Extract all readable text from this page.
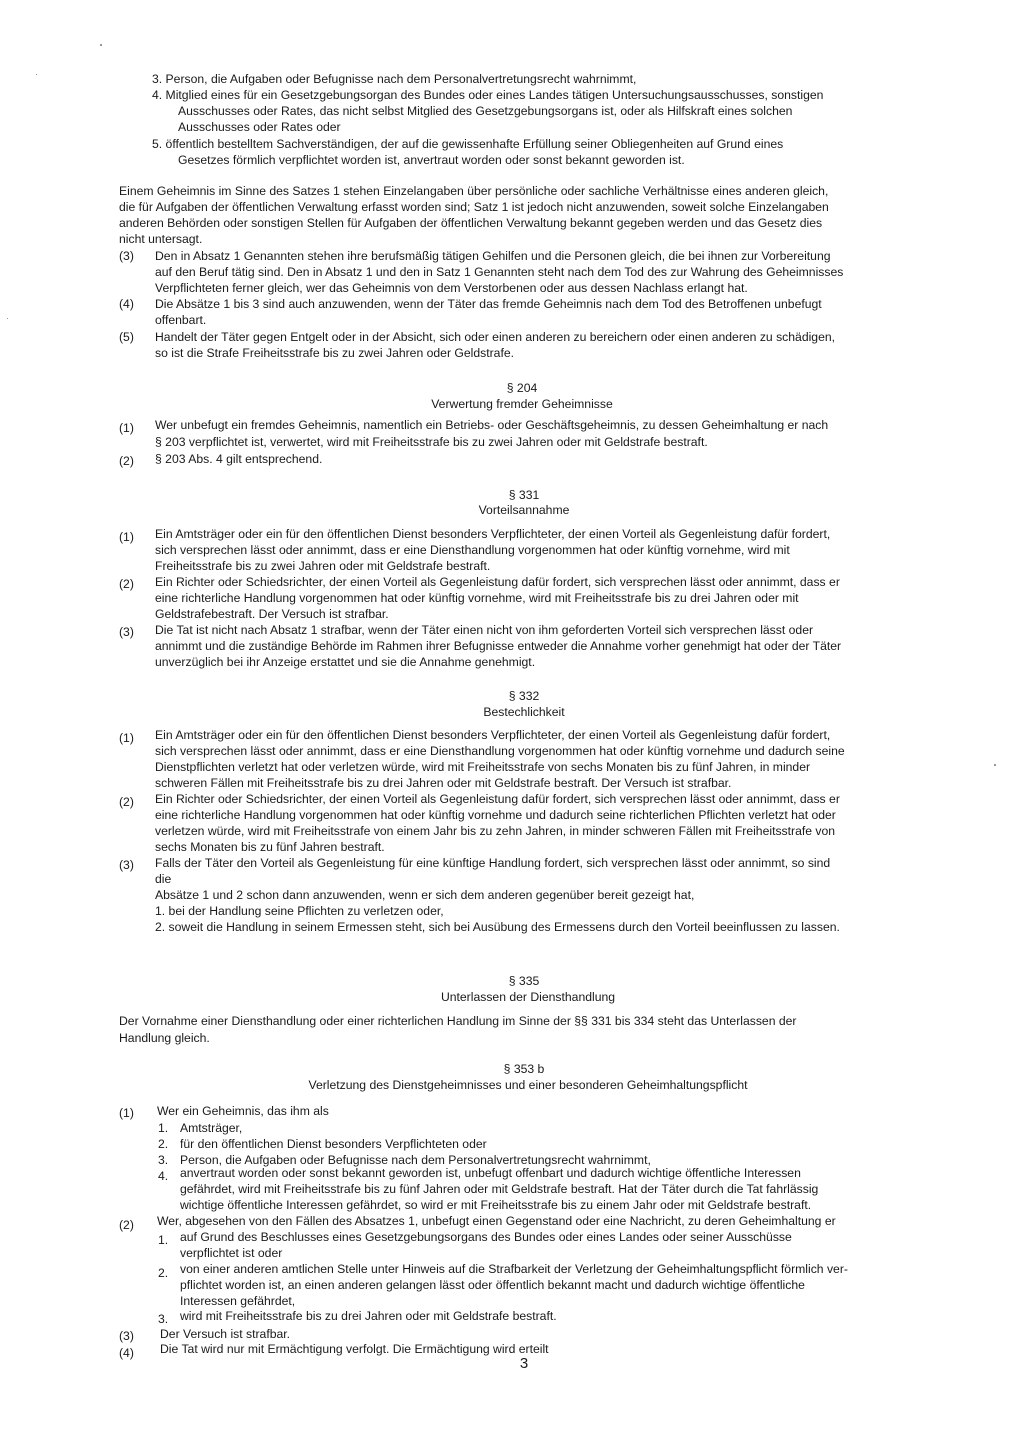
3. Person, die Aufgaben oder Befugnisse nach dem Personalvertretungsrecht wahrnimmt,
4. Mitglied eines für ein Gesetzgebungsorgan des Bundes oder eines Landes tätigen Untersuchungsausschusses, sonstigen
Ausschusses oder Rates, das nicht selbst Mitglied des Gesetzgebungsorgans ist, oder als Hilfskraft eines solchen
Ausschusses oder Rates oder
5. öffentlich bestelltem Sachverständigen, der auf die gewissenhafte Erfüllung seiner Obliegenheiten auf Grund eines
Gesetzes förmlich verpflichtet worden ist, anvertraut worden oder sonst bekannt geworden ist.
Einem Geheimnis im Sinne des Satzes 1 stehen Einzelangaben über persönliche oder sachliche Verhältnisse eines anderen gleich,
die für Aufgaben der öffentlichen Verwaltung erfasst worden sind; Satz 1 ist jedoch nicht anzuwenden, soweit solche Einzelangaben
anderen Behörden oder sonstigen Stellen für Aufgaben der öffentlichen Verwaltung bekannt gegeben werden und das Gesetz dies
nicht untersagt.
(3) Den in Absatz 1 Genannten stehen ihre berufsmäßig tätigen Gehilfen und die Personen gleich, die bei ihnen zur Vorbereitung
auf den Beruf tätig sind. Den in Absatz 1 und den in Satz 1 Genannten steht nach dem Tod des zur Wahrung des Geheimnisses
Verpflichteten ferner gleich, wer das Geheimnis von dem Verstorbenen oder aus dessen Nachlass erlangt hat.
(4) Die Absätze 1 bis 3 sind auch anzuwenden, wenn der Täter das fremde Geheimnis nach dem Tod des Betroffenen unbefugt
offenbart.
(5) Handelt der Täter gegen Entgelt oder in der Absicht, sich oder einen anderen zu bereichern oder einen anderen zu schädigen,
so ist die Strafe Freiheitsstrafe bis zu zwei Jahren oder Geldstrafe.
§ 204
Verwertung fremder Geheimnisse
(1) Wer unbefugt ein fremdes Geheimnis, namentlich ein Betriebs- oder Geschäftsgeheimnis, zu dessen Geheimhaltung er nach
§ 203 verpflichtet ist, verwertet, wird mit Freiheitsstrafe bis zu zwei Jahren oder mit Geldstrafe bestraft.
(2) § 203 Abs. 4 gilt entsprechend.
§ 331
Vorteilsannahme
(1) Ein Amtsträger oder ein für den öffentlichen Dienst besonders Verpflichteter, der einen Vorteil als Gegenleistung dafür fordert,
sich versprechen lässt oder annimmt, dass er eine Diensthandlung vorgenommen hat oder künftig vornehme, wird mit
Freiheitsstrafe bis zu zwei Jahren oder mit Geldstrafe bestraft.
(2) Ein Richter oder Schiedsrichter, der einen Vorteil als Gegenleistung dafür fordert, sich versprechen lässt oder annimmt, dass er
eine richterliche Handlung vorgenommen hat oder künftig vornehme, wird mit Freiheitsstrafe bis zu drei Jahren oder mit
Geldstrafebestraft. Der Versuch ist strafbar.
(3) Die Tat ist nicht nach Absatz 1 strafbar, wenn der Täter einen nicht von ihm geforderten Vorteil sich versprechen lässt oder
annimmt und die zuständige Behörde im Rahmen ihrer Befugnisse entweder die Annahme vorher genehmigt hat oder der Täter
unverzüglich bei ihr Anzeige erstattet und sie die Annahme genehmigt.
§ 332
Bestechlichkeit
(1) Ein Amtsträger oder ein für den öffentlichen Dienst besonders Verpflichteter, der einen Vorteil als Gegenleistung dafür fordert,
sich versprechen lässt oder annimmt, dass er eine Diensthandlung vorgenommen hat oder künftig vornehme und dadurch seine
Dienstpflichten verletzt hat oder verletzen würde, wird mit Freiheitsstrafe von sechs Monaten bis zu fünf Jahren, in minder
schweren Fällen mit Freiheitsstrafe bis zu drei Jahren oder mit Geldstrafe bestraft. Der Versuch ist strafbar.
(2) Ein Richter oder Schiedsrichter, der einen Vorteil als Gegenleistung dafür fordert, sich versprechen lässt oder annimmt, dass er
eine richterliche Handlung vorgenommen hat oder künftig vornehme und dadurch seine richterlichen Pflichten verletzt hat oder
verletzen würde, wird mit Freiheitsstrafe von einem Jahr bis zu zehn Jahren, in minder schweren Fällen mit Freiheitsstrafe von
sechs Monaten bis zu fünf Jahren bestraft.
(3) Falls der Täter den Vorteil als Gegenleistung für eine künftige Handlung fordert, sich versprechen lässt oder annimmt, so sind
die
Absätze 1 und 2 schon dann anzuwenden, wenn er sich dem anderen gegenüber bereit gezeigt hat,
1. bei der Handlung seine Pflichten zu verletzen oder,
2. soweit die Handlung in seinem Ermessen steht, sich bei Ausübung des Ermessens durch den Vorteil beeinflussen zu lassen.
§ 335
Unterlassen der Diensthandlung
Der Vornahme einer Diensthandlung oder einer richterlichen Handlung im Sinne der §§ 331 bis 334 steht das Unterlassen der
Handlung gleich.
§ 353 b
Verletzung des Dienstgeheimnisses und einer besonderen Geheimhaltungspflicht
(1) Wer ein Geheimnis, das ihm als
1. Amtsträger,
2. für den öffentlichen Dienst besonders Verpflichteten oder
3. Person, die Aufgaben oder Befugnisse nach dem Personalvertretungsrecht wahrnimmt,
4. anvertraut worden oder sonst bekannt geworden ist, unbefugt offenbart und dadurch wichtige öffentliche Interessen
gefährdet, wird mit Freiheitsstrafe bis zu fünf Jahren oder mit Geldstrafe bestraft. Hat der Täter durch die Tat fahrlässig
wichtige öffentliche Interessen gefährdet, so wird er mit Freiheitsstrafe bis zu einem Jahr oder mit Geldstrafe bestraft.
(2) Wer, abgesehen von den Fällen des Absatzes 1, unbefugt einen Gegenstand oder eine Nachricht, zu deren Geheimhaltung er
1. auf Grund des Beschlusses eines Gesetzgebungsorgans des Bundes oder eines Landes oder seiner Ausschüsse
verpflichtet ist oder
2. von einer anderen amtlichen Stelle unter Hinweis auf die Strafbarkeit der Verletzung der Geheimhaltungspflicht förmlich ver-
pflichtet worden ist, an einen anderen gelangen lässt oder öffentlich bekannt macht und dadurch wichtige öffentliche
Interessen gefährdet,
3. wird mit Freiheitsstrafe bis zu drei Jahren oder mit Geldstrafe bestraft.
(3) Der Versuch ist strafbar.
(4) Die Tat wird nur mit Ermächtigung verfolgt. Die Ermächtigung wird erteilt
3
